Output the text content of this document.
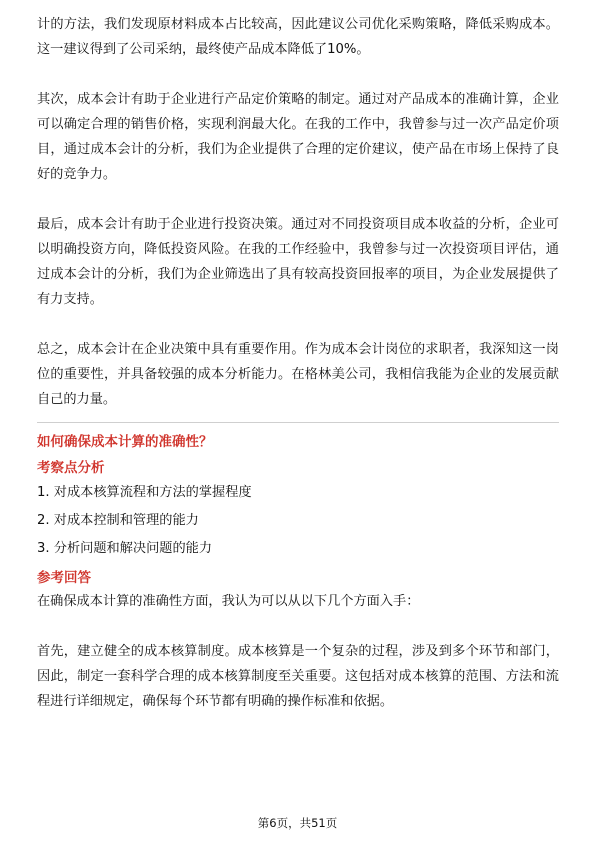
计的方法，我们发现原材料成本占比较高，因此建议公司优化采购策略，降低采购成本。这一建议得到了公司采纳，最终使产品成本降低了10%。

其次，成本会计有助于企业进行产品定价策略的制定。通过对产品成本的准确计算，企业可以确定合理的销售价格，实现利润最大化。在我的工作中，我曾参与过一次产品定价项目，通过成本会计的分析，我们为企业提供了合理的定价建议，使产品在市场上保持了良好的竞争力。

最后，成本会计有助于企业进行投资决策。通过对不同投资项目成本收益的分析，企业可以明确投资方向，降低投资风险。在我的工作经验中，我曾参与过一次投资项目评估，通过成本会计的分析，我们为企业筛选出了具有较高投资回报率的项目，为企业发展提供了有力支持。

总之，成本会计在企业决策中具有重要作用。作为成本会计岗位的求职者，我深知这一岗位的重要性，并具备较强的成本分析能力。在格林美公司，我相信我能为企业的发展贡献自己的力量。

如何确保成本计算的准确性？

考察点分析

1. 对成本核算流程和方法的掌握程度

2. 对成本控制和管理的能力

3. 分析问题和解决问题的能力

参考回答

在确保成本计算的准确性方面，我认为可以从以下几个方面入手：

首先，建立健全的成本核算制度。成本核算是一个复杂的过程，涉及到多个环节和部门，因此，制定一套科学合理的成本核算制度至关重要。这包括对成本核算的范围、方法和流程进行详细规定，确保每个环节都有明确的操作标准和依据。

第6页，共51页
